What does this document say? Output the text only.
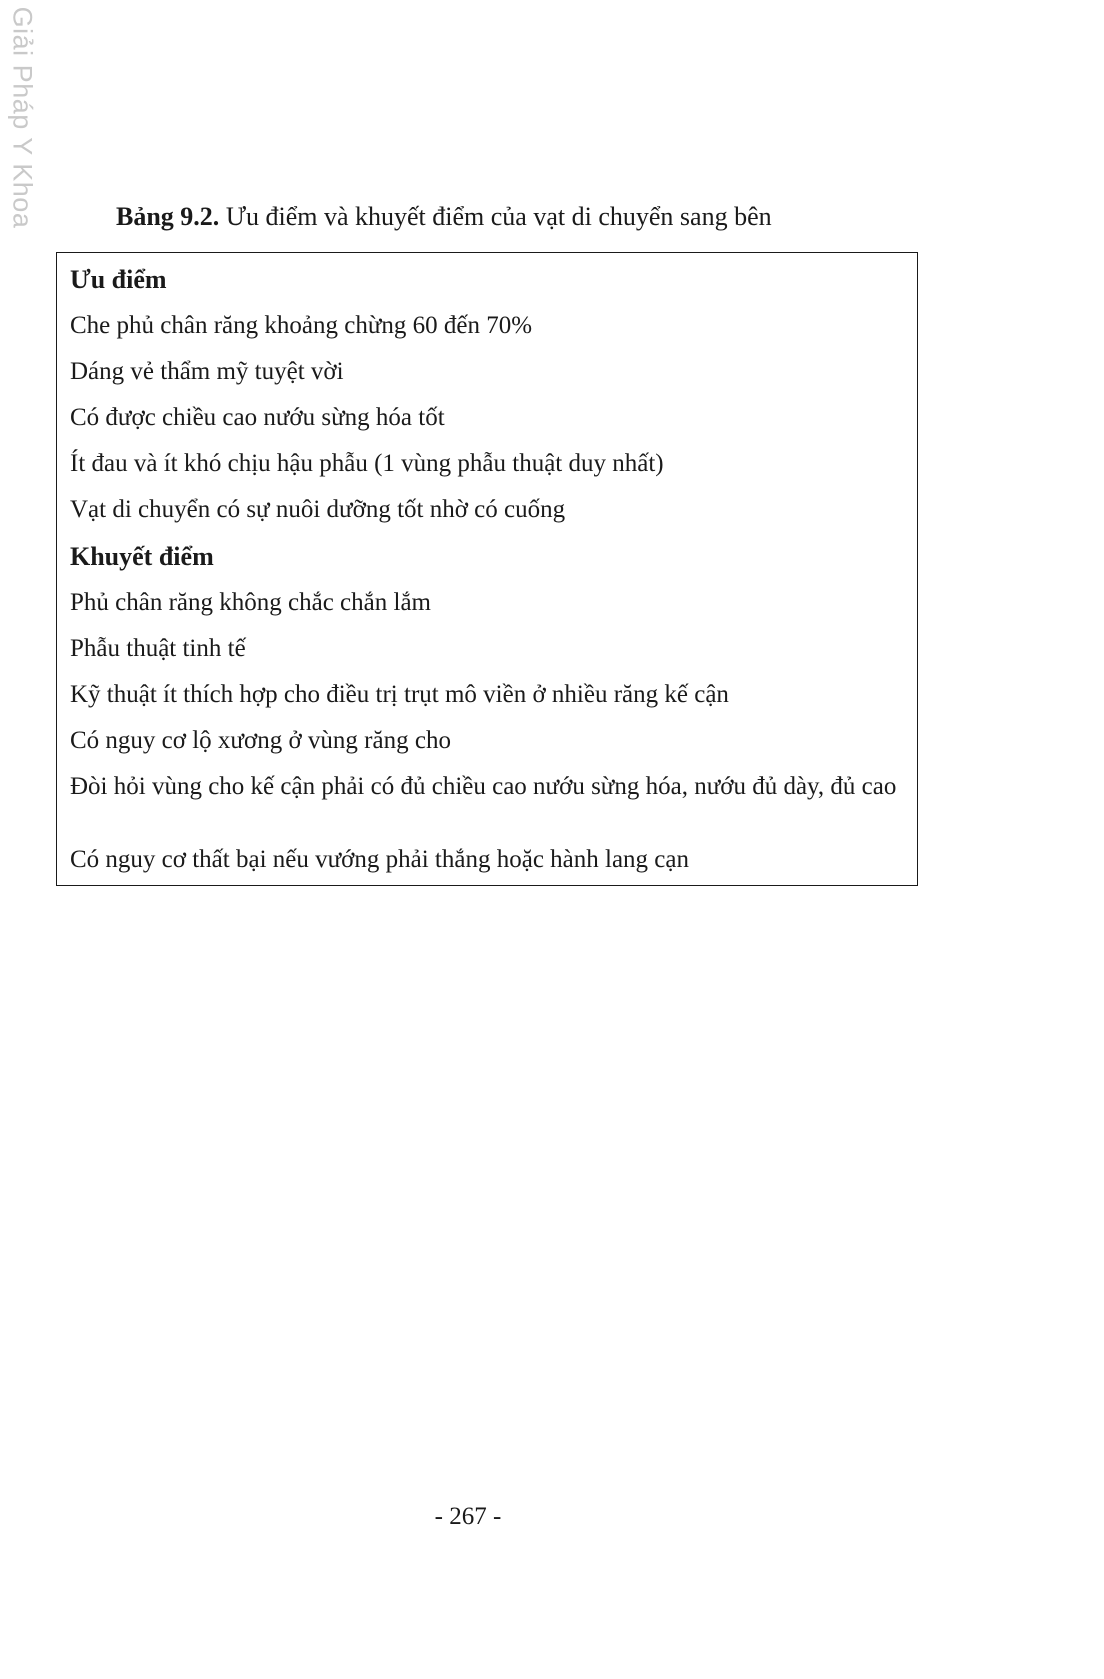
Giải Pháp Y Khoa	Bảng 9.2. Ưu điểm và khuyết điểm của vạt di chuyển sang bên
Ưu điểm
Che phủ chân răng khoảng chừng 60 đến 70%
Dáng vẻ thẩm mỹ tuyệt vời
Có được chiều cao nướu sừng hóa tốt
Ít đau và ít khó chịu hậu phẫu (1 vùng phẫu thuật duy nhất)
Vạt di chuyển có sự nuôi dưỡng tốt nhờ có cuống
Khuyết điểm
Phủ chân răng không chắc chắn lắm
Phẫu thuật tinh tế
Kỹ thuật ít thích hợp cho điều trị trụt mô viền ở nhiều răng kế cận
Có nguy cơ lộ xương ở vùng răng cho
Đòi hỏi vùng cho kế cận phải có đủ chiều cao nướu sừng hóa, nướu đủ dày, đủ cao
Có nguy cơ thất bại nếu vướng phải thắng hoặc hành lang cạn
- 267 -
